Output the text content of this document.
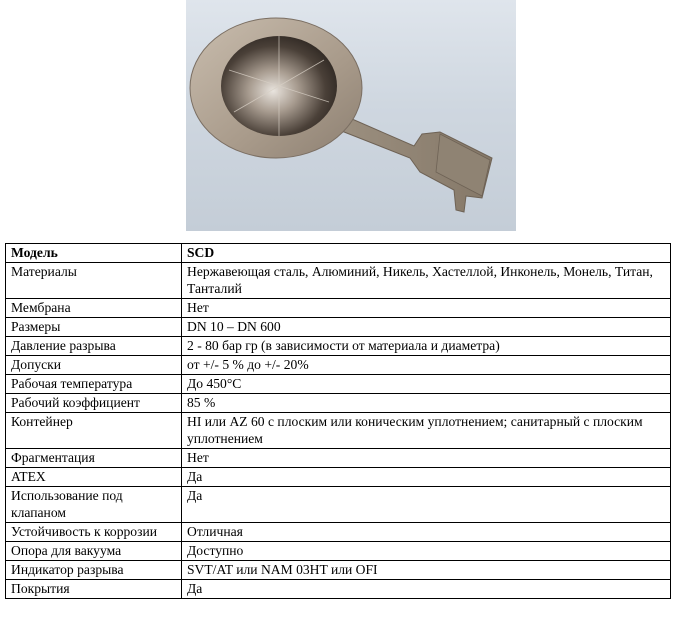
Модель	SCD
Материалы	Нержавеющая сталь, Алюминий, Никель, Хастеллой, Инконель, Монель, Титан, Танталий
Мембрана	Нет
Размеры	DN 10 – DN 600
Давление разрыва	2 - 80 бар гр (в зависимости от материала и диаметра)
Допуски	от +/- 5 % до +/- 20%
Рабочая температура	До 450°C
Рабочий коэффициент	85 %
Контейнер	HI или AZ 60 с плоским или коническим уплотнением; санитарный с плоским уплотнением
Фрагментация	Нет
ATEX	Да
Использование под клапаном	Да
Устойчивость к коррозии	Отличная
Опора для вакуума	Доступно
Индикатор разрыва	SVT/AT или NAM 03HT или OFI
Покрытия	Да
